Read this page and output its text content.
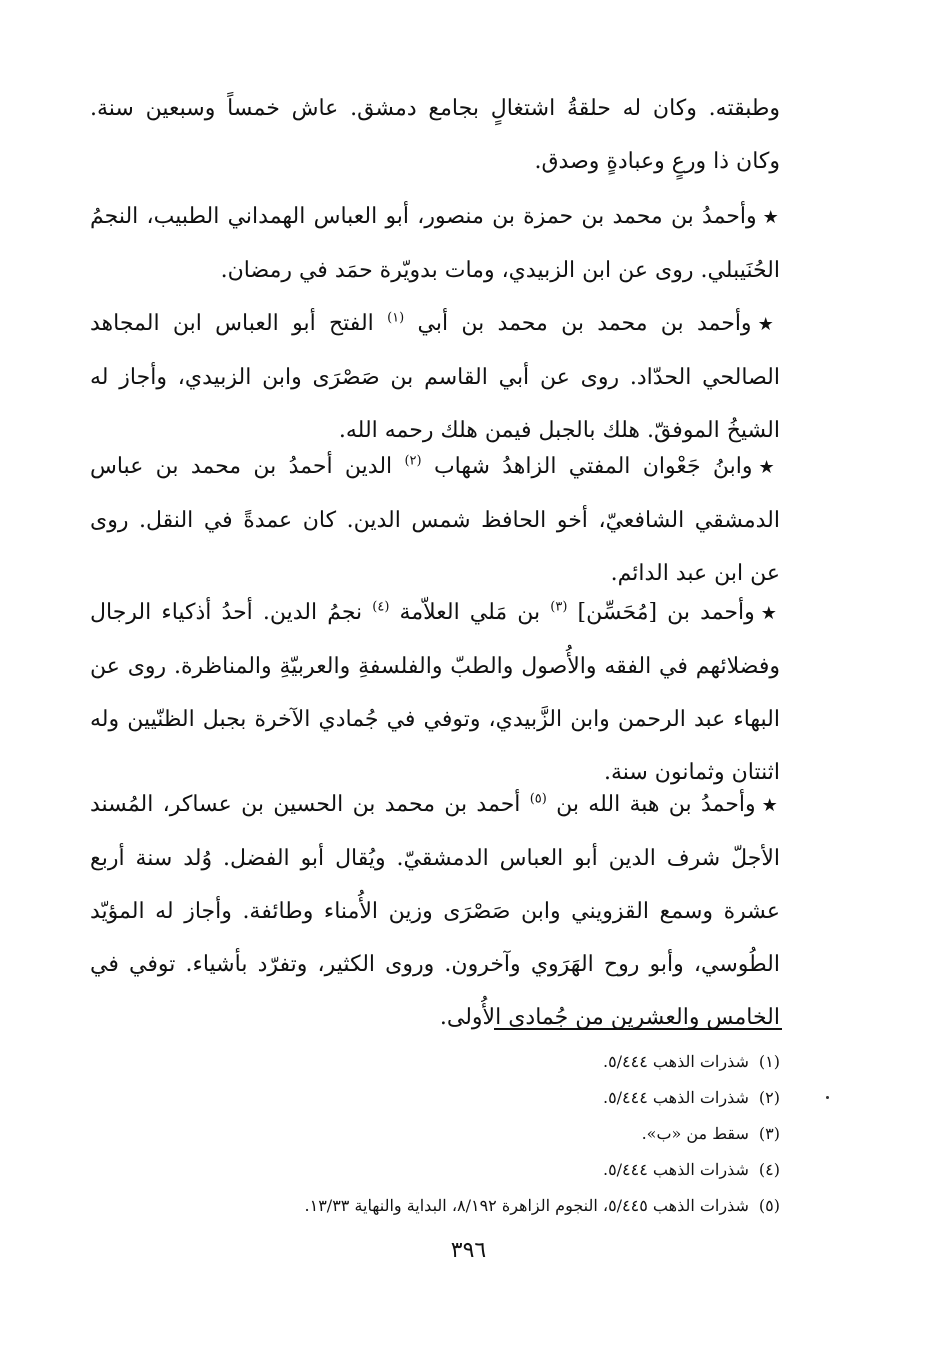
وطبقته. وكان له حلقةُ اشتغالٍ بجامع دمشق. عاش خمساً وسبعين سنة. وكان ذا ورعٍ وعبادةٍ وصدق.

★وأحمدُ بن محمد بن حمزة بن منصور، أبو العباس الهمداني الطبيب، النجمُ الحُنَيبلي. روى عن ابن الزبيدي، ومات بدويّرة حمَد في رمضان.

★وأحمد بن محمد بن محمد بن أبي $^{(١)}$ الفتح أبو العباس ابن المجاهد الصالحي الحدّاد. روى عن أبي القاسم بن صَصْرَى وابن الزبيدي، وأجاز له الشيخُ الموفقّ. هلك بالجبل فيمن هلك رحمه الله.

★وابنُ جَعْوان المفتي الزاهدُ شهاب $^{(٢)}$ الدين أحمدُ بن محمد بن عباس الدمشقي الشافعيّ، أخو الحافظ شمس الدين. كان عمدةً في النقل. روى عن ابن عبد الدائم.

★وأحمد بن [مُحَسِّن] $^{(٣)}$ بن مَلي العلاّمة $^{(٤)}$ نجمُ الدين. أحدُ أذكياء الرجال وفضلائهم في الفقه والأُصول والطبّ والفلسفةِ والعربيّةِ والمناظرة. روى عن البهاء عبد الرحمن وابن الزَّبيدي، وتوفي في جُمادي الآخرة بجبل الظنّيين وله اثنتان وثمانون سنة.

★وأحمدُ بن هبة الله بن $^{(٥)}$ أحمد بن محمد بن الحسين بن عساكر، المُسند الأجلّ شرف الدين أبو العباس الدمشقيّ. ويُقال أبو الفضل. وُلد سنة أربع عشرة وسمع القزويني وابن صَصْرَى وزين الأُمناء وطائفة. وأجاز له المؤيّد الطُوسي، وأبو روح الهَرَوي وآخرون. وروى الكثير، وتفرّد بأشياء. توفي في الخامس والعشرين من جُمادى الأُولى.

(١)شذرات الذهب ٥/٤٤٤.
(٢)شذرات الذهب ٥/٤٤٤.
(٣)سقط من «ب».
(٤)شذرات الذهب ٥/٤٤٤.
(٥)شذرات الذهب ٥/٤٤٥، النجوم الزاهرة ٨/١٩٢، البداية والنهاية ١٣/٣٣.
٣٩٦
